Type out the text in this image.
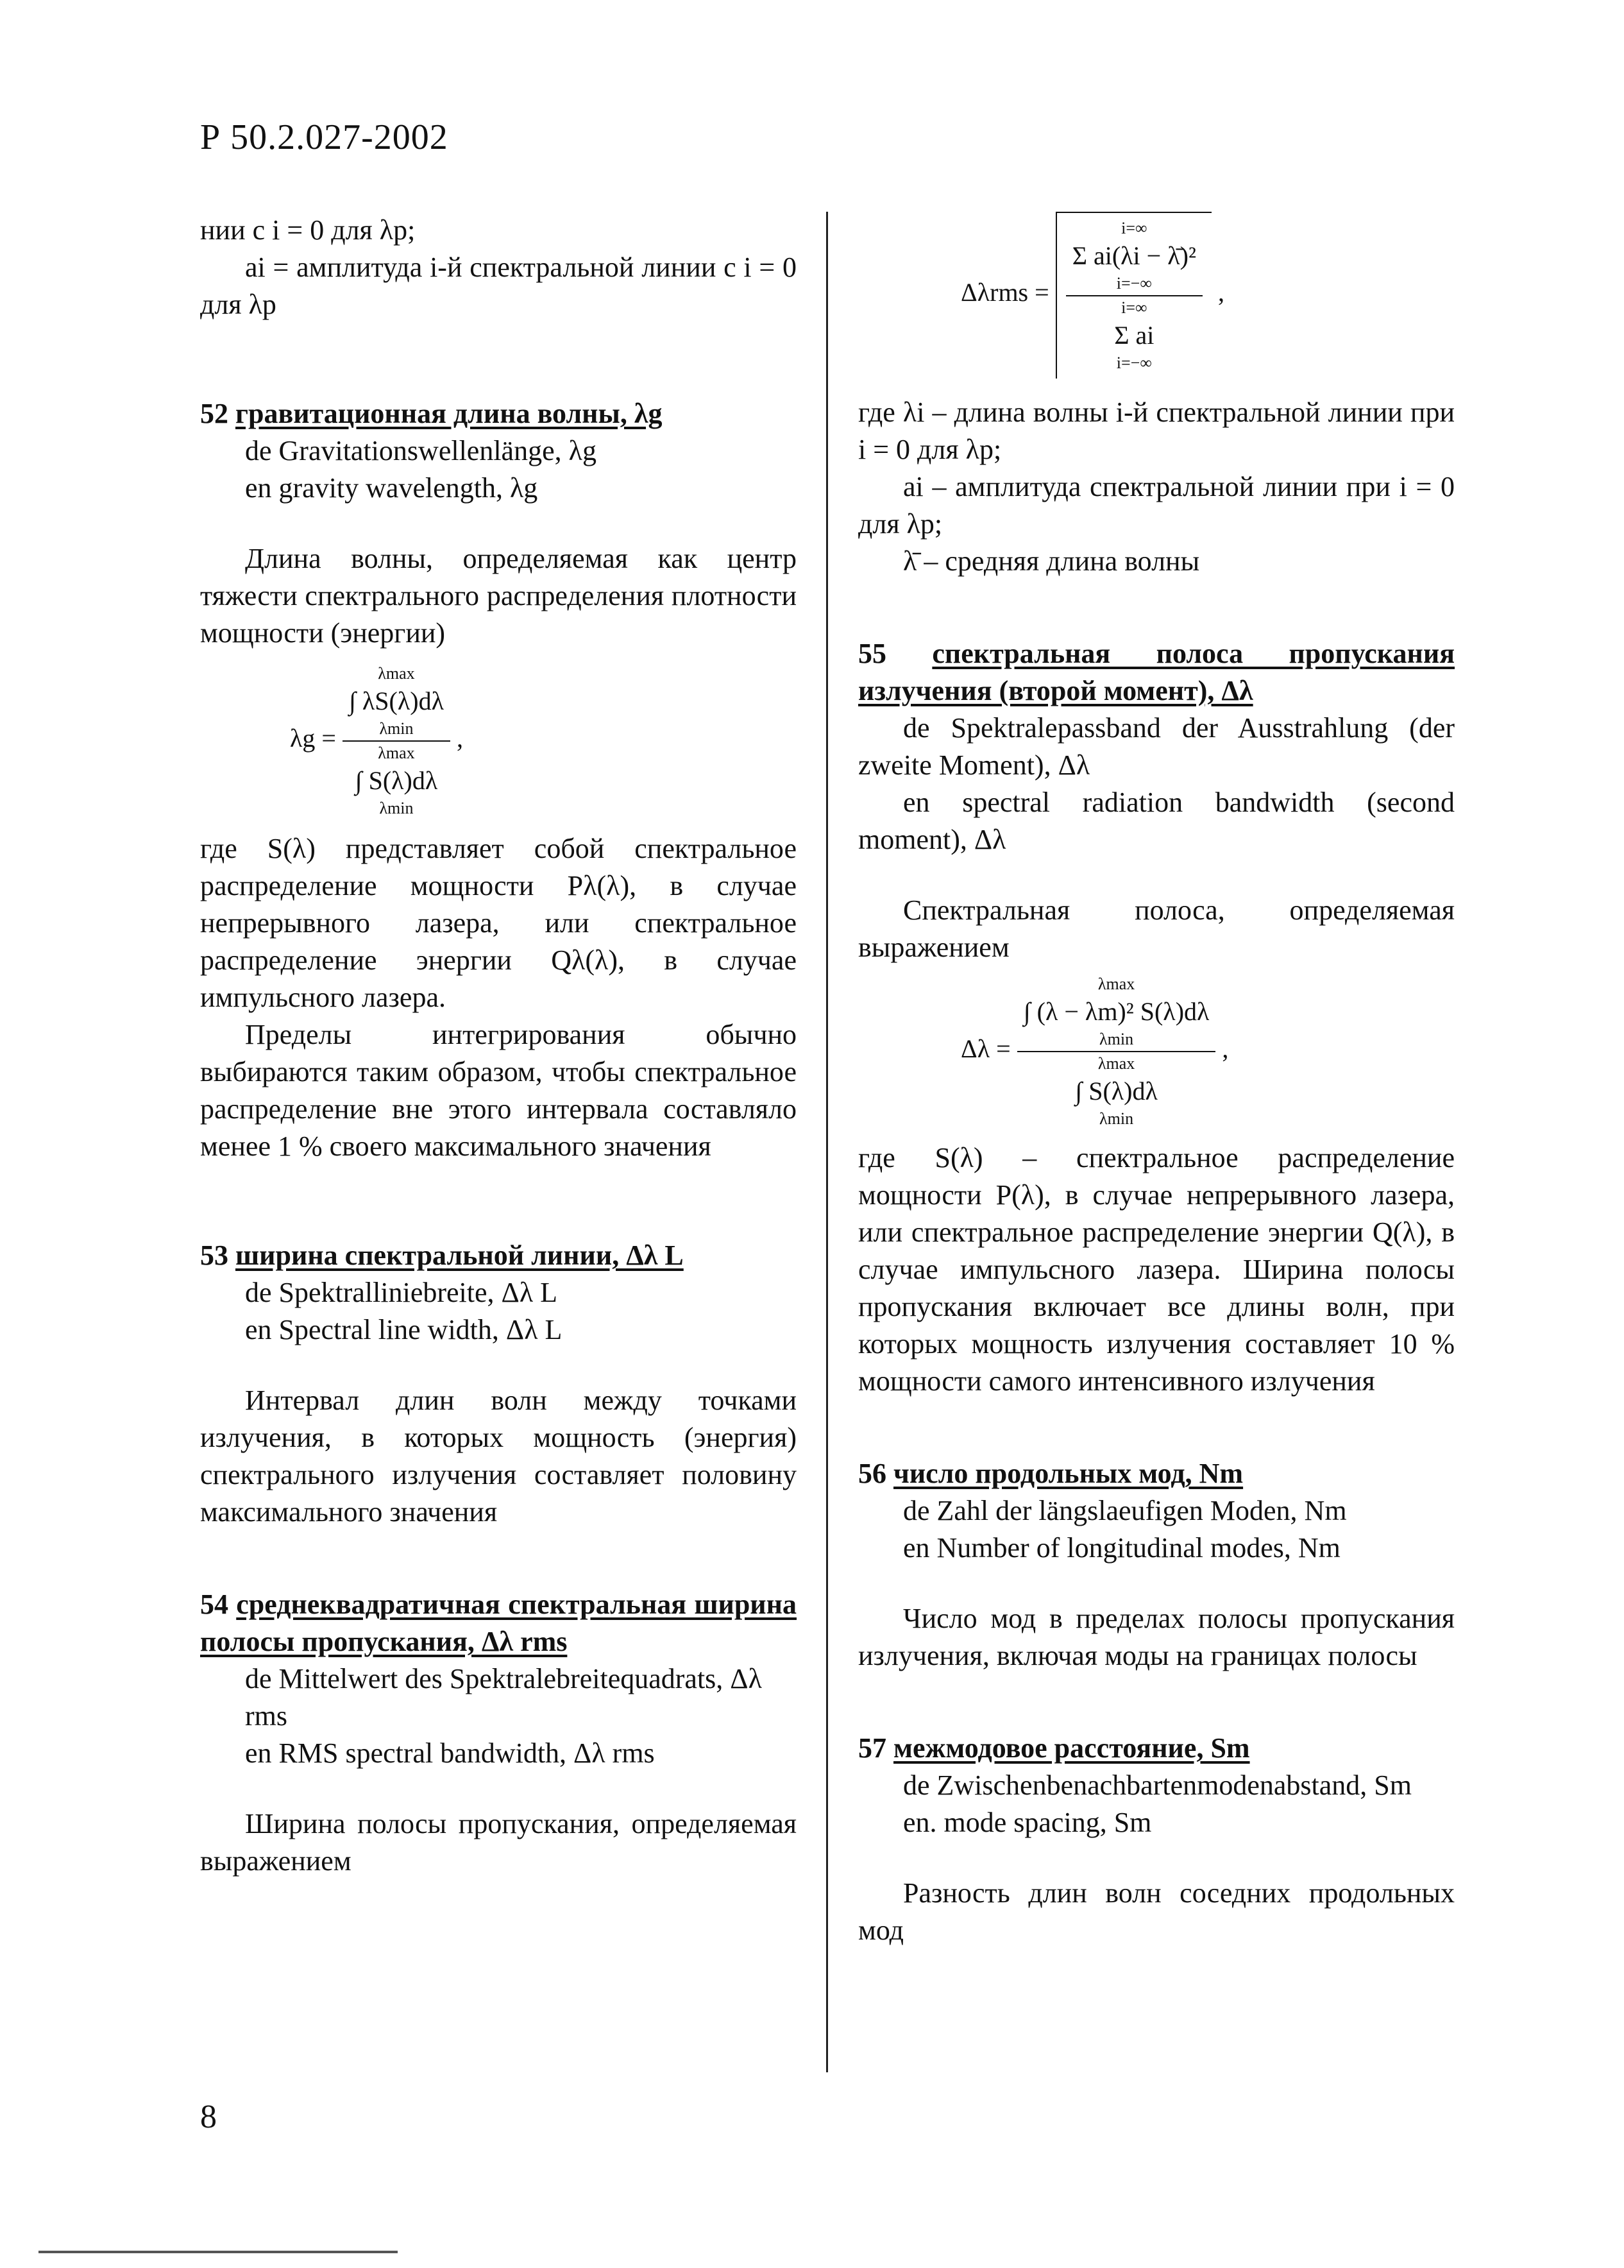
Р 50.2.027-2002

нии с i = 0 для λp;

ai = амплитуда i-й спектральной линии с i = 0 для λp

52 гравитационная длина волны, λg

de Gravitationswellenlänge, λg

en gravity wavelength, λg

Длина волны, определяемая как центр тяжести спектрального распределения плотности мощности (энергии)

λg = λmax
∫ λS(λ)dλ
λmin
λmax
∫ S(λ)dλ
λmin ,

где S(λ) представляет собой спектральное распределение мощности Pλ(λ), в случае непрерывного лазера, или спектральное распределение энергии Qλ(λ), в случае импульсного лазера.

Пределы интегрирования обычно выбираются таким образом, чтобы спектральное распределение вне этого интервала составляло менее 1 % своего максимального значения

53 ширина спектральной линии, Δλ L

de Spektralliniebreite, Δλ L

en Spectral line width, Δλ L

Интервал длин волн между точками излучения, в которых мощность (энергия) спектрального излучения составляет половину максимального значения

54 среднеквадратичная спектральная ширина полосы пропускания, Δλ rms

de Mittelwert des Spektralebreitequadrats, Δλ rms

en RMS spectral bandwidth, Δλ rms

Ширина полосы пропускания, определяемая выражением

Δλrms = i=∞
Σ ai(λi − λ̄)²
i=−∞
i=∞
Σ ai
i=−∞ ,

где λi – длина волны i-й спектральной линии при i = 0 для λp;

ai – амплитуда спектральной линии при i = 0 для λp;

λ̄ – средняя длина волны

55 спектральная полоса пропускания излучения (второй момент), Δλ

de Spektralepassband der Ausstrahlung (der zweite Moment), Δλ

en spectral radiation bandwidth (second moment), Δλ

Спектральная полоса, определяемая выражением

Δλ = λmax
∫ (λ − λm)² S(λ)dλ
λmin
λmax
∫ S(λ)dλ
λmin ,

где S(λ) – спектральное распределение мощности P(λ), в случае непрерывного лазера, или спектральное распределение энергии Q(λ), в случае импульсного лазера. Ширина полосы пропускания включает все длины волн, при которых мощность излучения составляет 10 % мощности самого интенсивного излучения

56 число продольных мод, Nm

de Zahl der längslaeufigen Moden, Nm

en Number of longitudinal modes, Nm

Число мод в пределах полосы пропускания излучения, включая моды на границах полосы

57 межмодовое расстояние, Sm

de Zwischenbenachbartenmodenabstand, Sm

en. mode spacing, Sm

Разность длин волн соседних продольных мод

8
